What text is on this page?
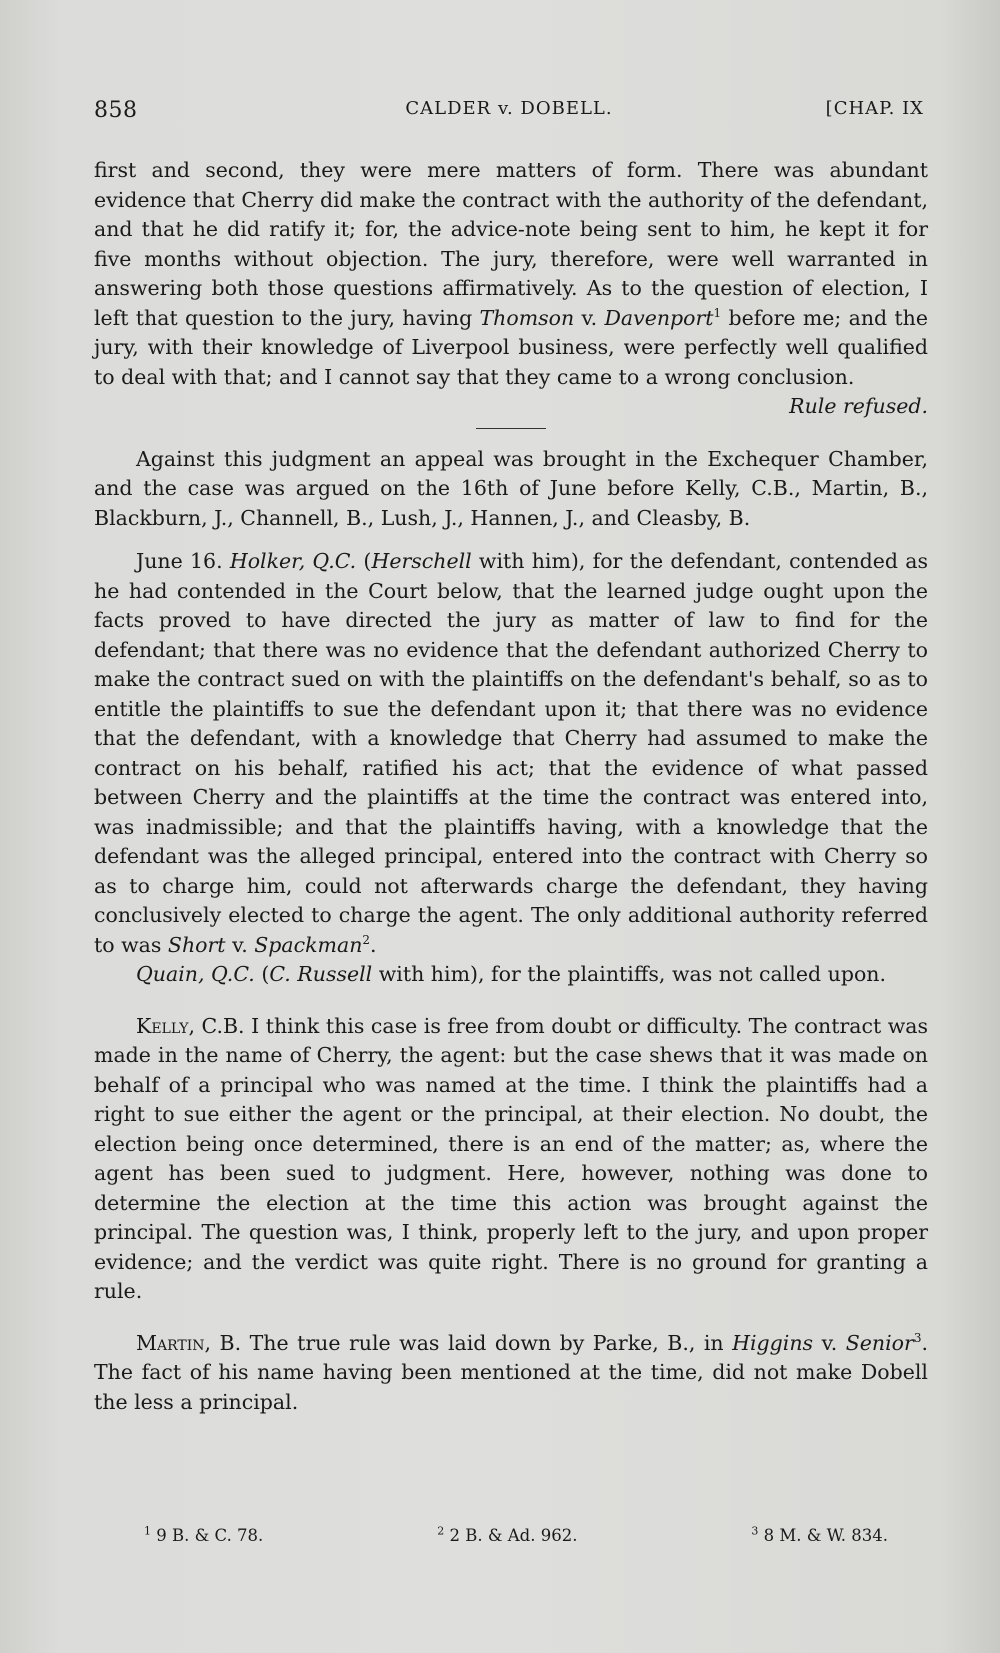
858	CALDER v. DOBELL.	[CHAP. IX

first and second, they were mere matters of form. There was abundant evidence that Cherry did make the contract with the authority of the defendant, and that he did ratify it; for, the advice-note being sent to him, he kept it for five months without objection. The jury, therefore, were well warranted in answering both those questions affirmatively. As to the question of election, I left that question to the jury, having Thomson v. Davenport$^1$ before me; and the jury, with their knowledge of Liverpool business, were perfectly well qualified to deal with that; and I cannot say that they came to a wrong conclusion.

Rule refused.

Against this judgment an appeal was brought in the Exchequer Chamber, and the case was argued on the 16th of June before Kelly, C.B., Martin, B., Blackburn, J., Channell, B., Lush, J., Hannen, J., and Cleasby, B.

June 16. Holker, Q.C. (Herschell with him), for the defendant, contended as he had contended in the Court below, that the learned judge ought upon the facts proved to have directed the jury as matter of law to find for the defendant; that there was no evidence that the defendant authorized Cherry to make the contract sued on with the plaintiffs on the defendant's behalf, so as to entitle the plaintiffs to sue the defendant upon it; that there was no evidence that the defendant, with a knowledge that Cherry had assumed to make the contract on his behalf, ratified his act; that the evidence of what passed between Cherry and the plaintiffs at the time the contract was entered into, was inadmissible; and that the plaintiffs having, with a knowledge that the defendant was the alleged principal, entered into the contract with Cherry so as to charge him, could not afterwards charge the defendant, they having conclusively elected to charge the agent. The only additional authority referred to was Short v. Spackman$^2$.

Quain, Q.C. (C. Russell with him), for the plaintiffs, was not called upon.

Kelly, C.B. I think this case is free from doubt or difficulty. The contract was made in the name of Cherry, the agent: but the case shews that it was made on behalf of a principal who was named at the time. I think the plaintiffs had a right to sue either the agent or the principal, at their election. No doubt, the election being once determined, there is an end of the matter; as, where the agent has been sued to judgment. Here, however, nothing was done to determine the election at the time this action was brought against the principal. The question was, I think, properly left to the jury, and upon proper evidence; and the verdict was quite right. There is no ground for granting a rule.

Martin, B. The true rule was laid down by Parke, B., in Higgins v. Senior$^3$. The fact of his name having been mentioned at the time, did not make Dobell the less a principal.

$^1$ 9 B. & C. 78.	$^2$ 2 B. & Ad. 962.	$^3$ 8 M. & W. 834.
